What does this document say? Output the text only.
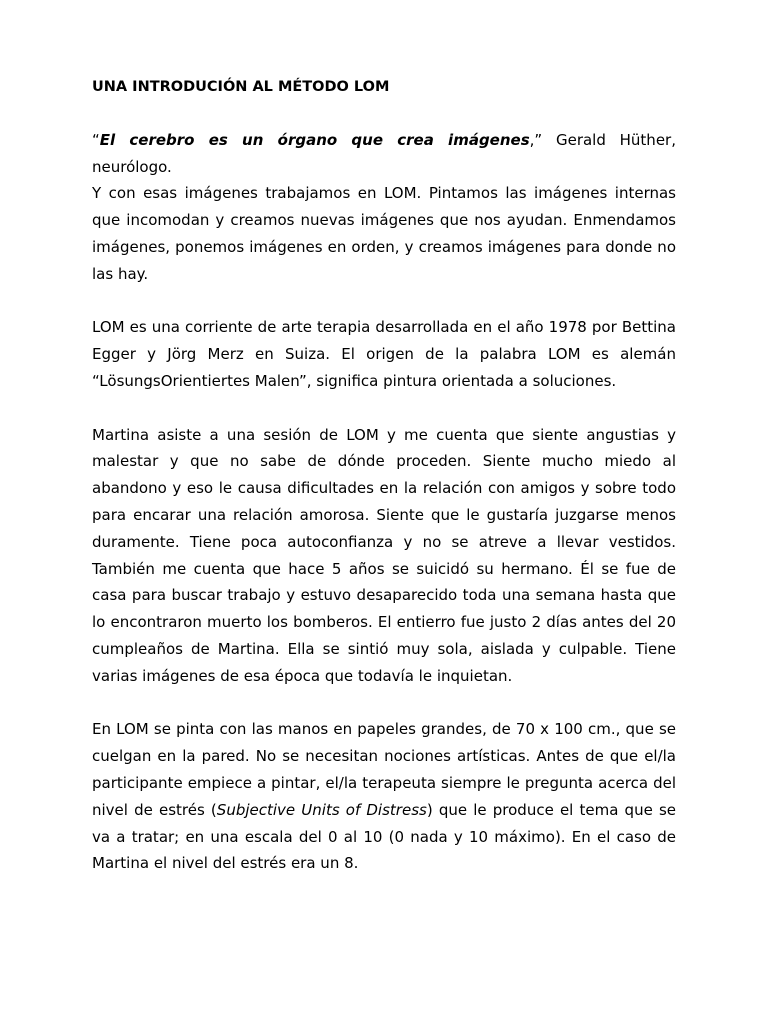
UNA INTRODUCIÓN AL MÉTODO LOM

“El cerebro es un órgano que crea imágenes,” Gerald Hüther, neurólogo.

Y con esas imágenes trabajamos en LOM. Pintamos las imágenes internas que incomodan y creamos nuevas imágenes que nos ayudan. Enmendamos imágenes, ponemos imágenes en orden, y creamos imágenes para donde no las hay.

LOM es una corriente de arte terapia desarrollada en el año 1978 por Bettina Egger y Jörg Merz en Suiza. El origen de la palabra LOM es alemán “LösungsOrientiertes Malen”, significa pintura orientada a soluciones.

Martina asiste a una sesión de LOM y me cuenta que siente angustias y malestar y que no sabe de dónde proceden. Siente mucho miedo al abandono y eso le causa dificultades en la relación con amigos y sobre todo para encarar una relación amorosa. Siente que le gustaría juzgarse menos duramente. Tiene poca autoconfianza y no se atreve a llevar vestidos. También me cuenta que hace 5 años se suicidó su hermano. Él se fue de casa para buscar trabajo y estuvo desaparecido toda una semana hasta que lo encontraron muerto los bomberos. El entierro fue justo 2 días antes del 20 cumpleaños de Martina. Ella se sintió muy sola, aislada y culpable. Tiene varias imágenes de esa época que todavía le inquietan.

En LOM se pinta con las manos en papeles grandes, de 70 x 100 cm., que se cuelgan en la pared. No se necesitan nociones artísticas. Antes de que el/la participante empiece a pintar, el/la terapeuta siempre le pregunta acerca del nivel de estrés (Subjective Units of Distress) que le produce el tema que se va a tratar; en una escala del 0 al 10 (0 nada y 10 máximo). En el caso de Martina el nivel del estrés era un 8.
